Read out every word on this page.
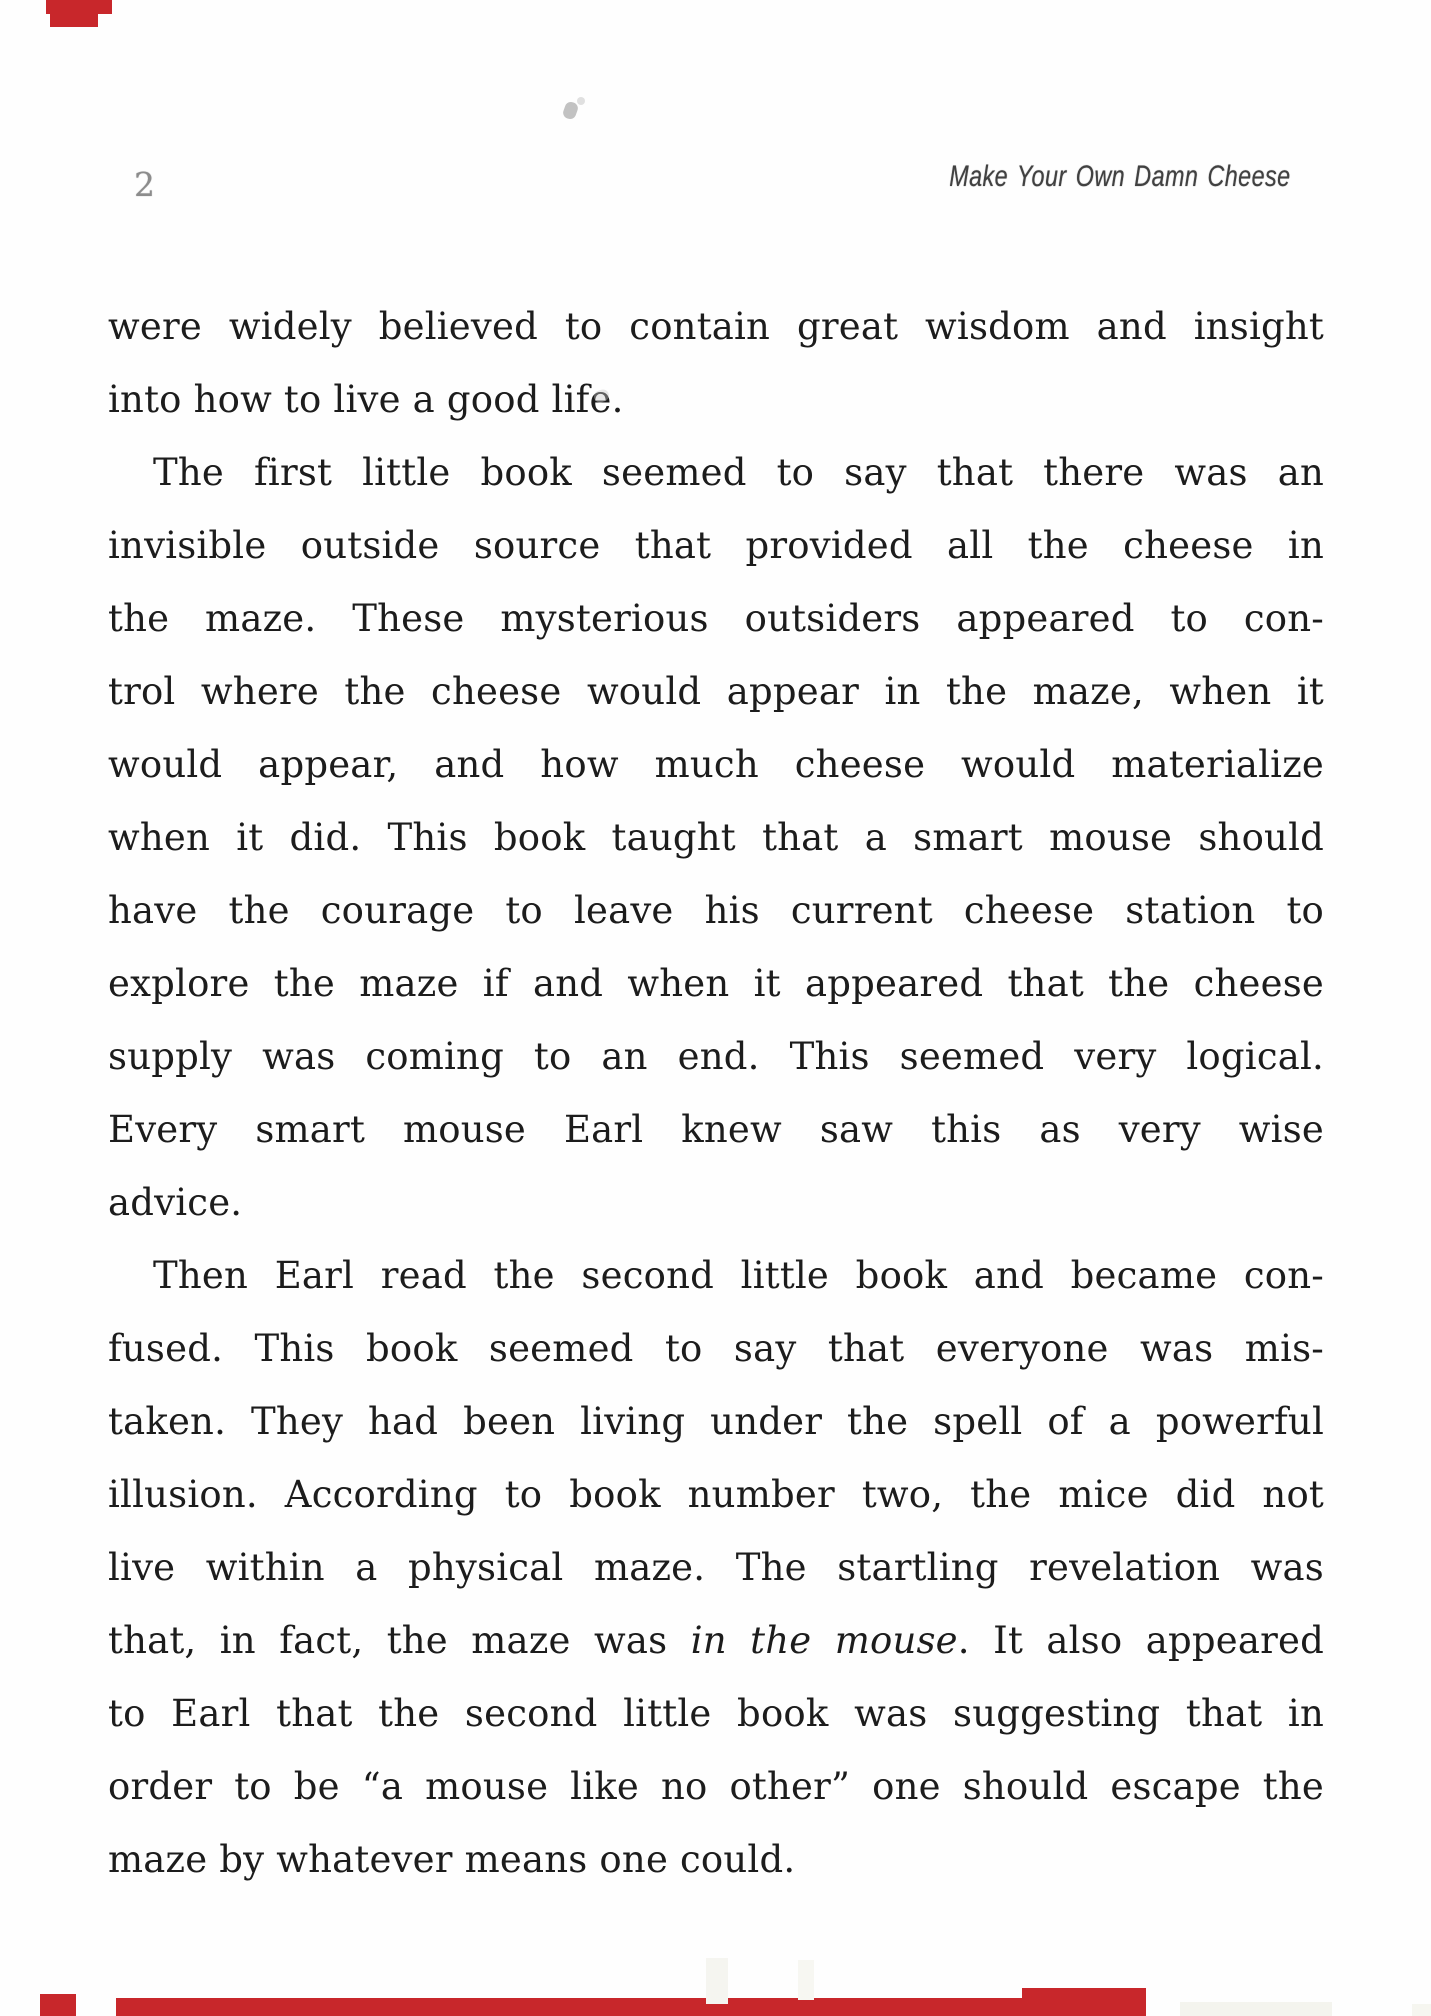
2	Make Your Own Damn Cheese
were widely believed to contain great wisdom and insight
into how to live a good life.
The first little book seemed to say that there was an
invisible outside source that provided all the cheese in
the maze. These mysterious outsiders appeared to con-
trol where the cheese would appear in the maze, when it
would appear, and how much cheese would materialize
when it did. This book taught that a smart mouse should
have the courage to leave his current cheese station to
explore the maze if and when it appeared that the cheese
supply was coming to an end. This seemed very logical.
Every smart mouse Earl knew saw this as very wise
advice.
Then Earl read the second little book and became con-
fused. This book seemed to say that everyone was mis-
taken. They had been living under the spell of a powerful
illusion. According to book number two, the mice did not
live within a physical maze. The startling revelation was
that, in fact, the maze was in the mouse. It also appeared
to Earl that the second little book was suggesting that in
order to be “a mouse like no other” one should escape the
maze by whatever means one could.
